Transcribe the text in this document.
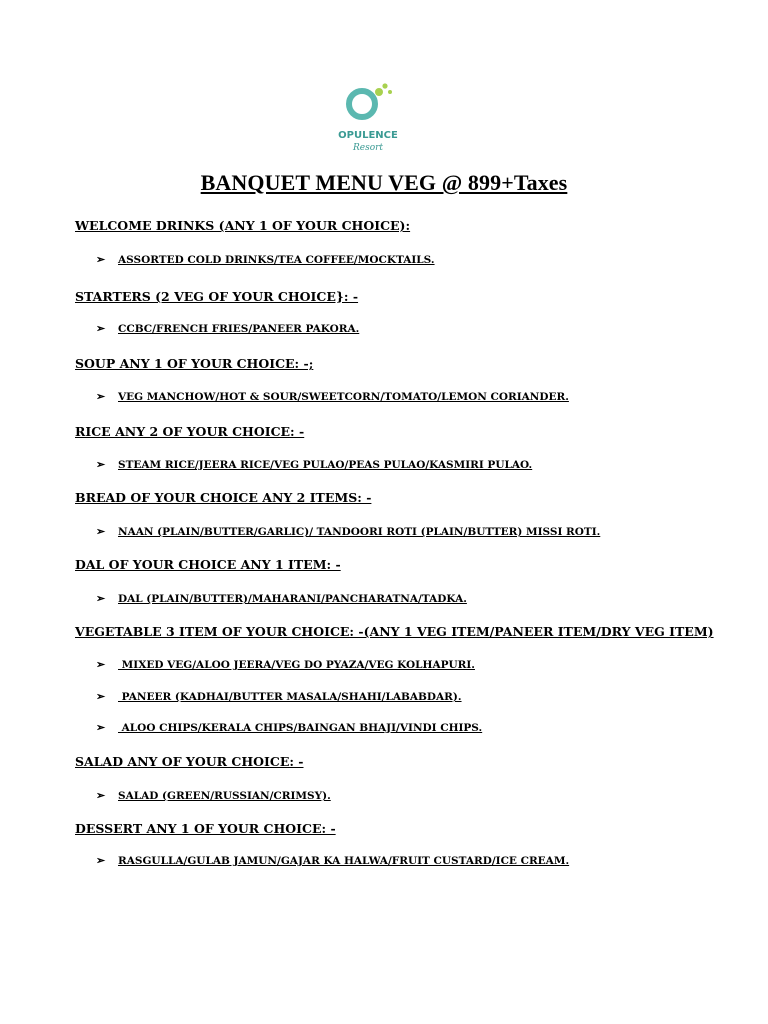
OPULENCE
Resort
BANQUET MENU VEG @ 899+Taxes
WELCOME DRINKS (ANY 1 OF YOUR CHOICE):
➢ ASSORTED COLD DRINKS/TEA COFFEE/MOCKTAILS.
STARTERS (2 VEG OF YOUR CHOICE}: -
➢ CCBC/FRENCH FRIES/PANEER PAKORA.
SOUP ANY 1 OF YOUR CHOICE: -;
➢ VEG MANCHOW/HOT & SOUR/SWEETCORN/TOMATO/LEMON CORIANDER.
RICE ANY 2 OF YOUR CHOICE: -
➢ STEAM RICE/JEERA RICE/VEG PULAO/PEAS PULAO/KASMIRI PULAO.
BREAD OF YOUR CHOICE ANY 2 ITEMS: -
➢ NAAN (PLAIN/BUTTER/GARLIC)/ TANDOORI ROTI (PLAIN/BUTTER) MISSI ROTI.
DAL OF YOUR CHOICE ANY 1 ITEM: -
➢ DAL (PLAIN/BUTTER)/MAHARANI/PANCHARATNA/TADKA.
VEGETABLE 3 ITEM OF YOUR CHOICE: -(ANY 1 VEG ITEM/PANEER ITEM/DRY VEG ITEM)
➢ MIXED VEG/ALOO JEERA/VEG DO PYAZA/VEG KOLHAPURI.
➢ PANEER (KADHAI/BUTTER MASALA/SHAHI/LABABDAR).
➢ ALOO CHIPS/KERALA CHIPS/BAINGAN BHAJI/VINDI CHIPS.
SALAD ANY OF YOUR CHOICE: -
➢ SALAD (GREEN/RUSSIAN/CRIMSY).
DESSERT ANY 1 OF YOUR CHOICE: -
➢ RASGULLA/GULAB JAMUN/GAJAR KA HALWA/FRUIT CUSTARD/ICE CREAM.
